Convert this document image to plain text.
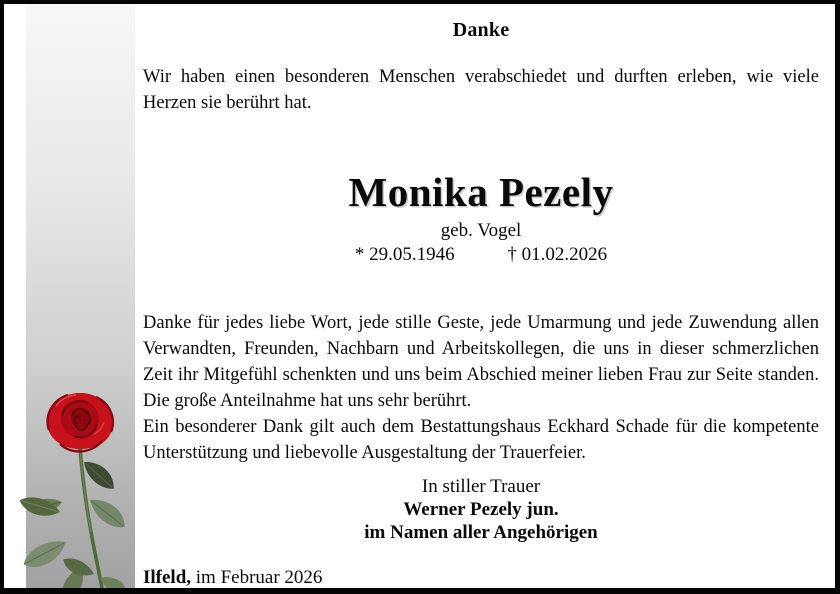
Danke

Wir haben einen besonderen Menschen verabschiedet und durften erleben, wie viele Herzen sie berührt hat.

Monika Pezely

geb. Vogel

* 29.05.1946	† 01.02.2026

Danke für jedes liebe Wort, jede stille Geste, jede Umarmung und jede Zuwendung allen Verwandten, Freunden, Nachbarn und Arbeitskollegen, die uns in dieser schmerzlichen Zeit ihr Mitgefühl schenkten und uns beim Abschied meiner lieben Frau zur Seite standen. Die große Anteilnahme hat uns sehr berührt.

Ein besonderer Dank gilt auch dem Bestattungshaus Eckhard Schade für die kompetente Unterstützung und liebevolle Ausgestaltung der Trauerfeier.

In stiller Trauer

Werner Pezely jun.

im Namen aller Angehörigen

Ilfeld, im Februar 2026
